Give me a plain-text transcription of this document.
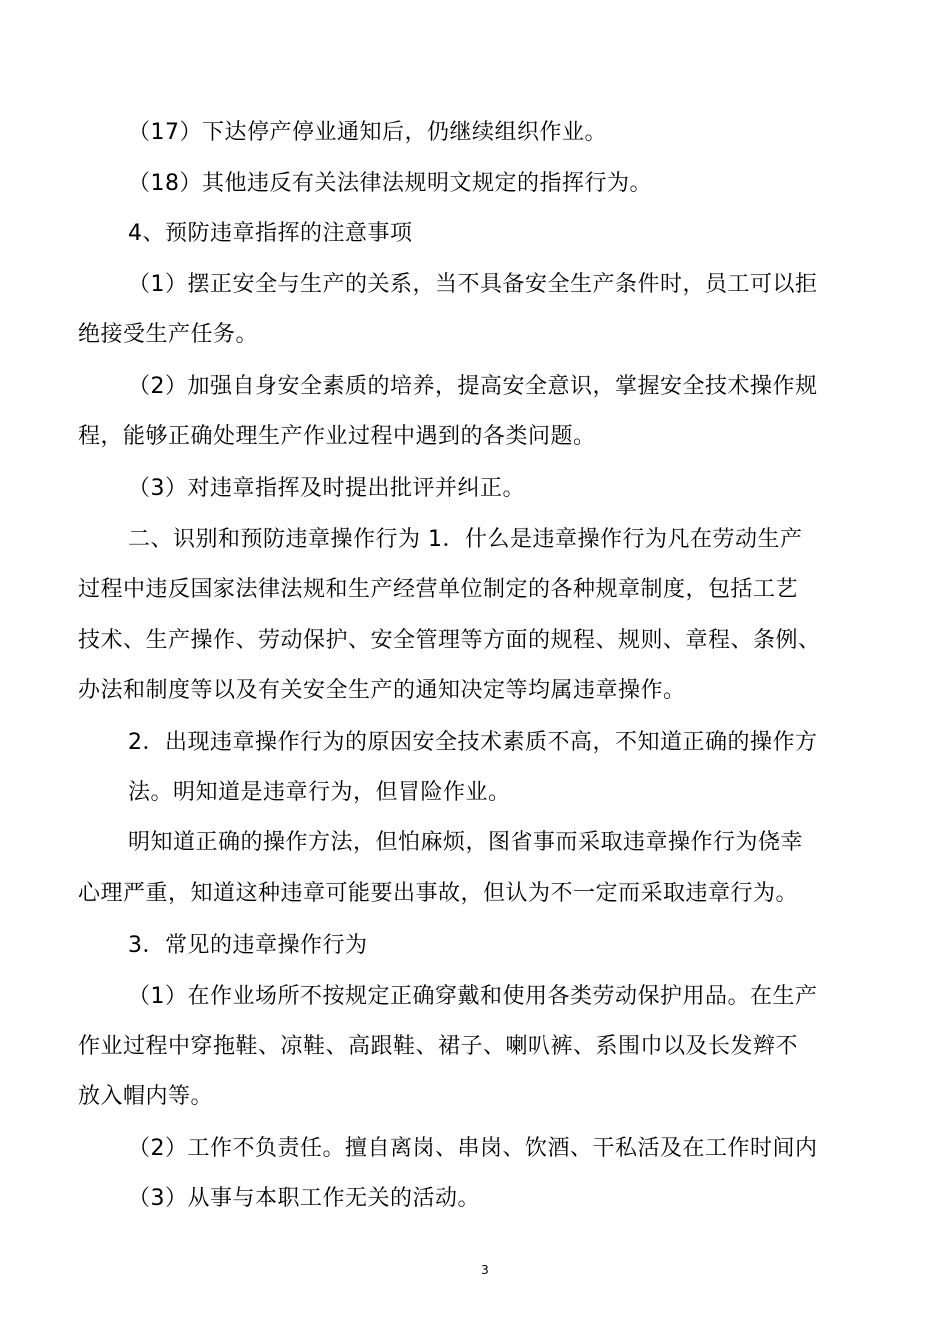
（17）下达停产停业通知后，仍继续组织作业。
（18）其他违反有关法律法规明文规定的指挥行为。
4、预防违章指挥的注意事项
（1）摆正安全与生产的关系，当不具备安全生产条件时，员工可以拒
绝接受生产任务。
（2）加强自身安全素质的培养，提高安全意识，掌握安全技术操作规
程，能够正确处理生产作业过程中遇到的各类问题。
（3）对违章指挥及时提出批评并纠正。
二、识别和预防违章操作行为 1．什么是违章操作行为凡在劳动生产
过程中违反国家法律法规和生产经营单位制定的各种规章制度，包括工艺
技术、生产操作、劳动保护、安全管理等方面的规程、规则、章程、条例、
办法和制度等以及有关安全生产的通知决定等均属违章操作。
2．出现违章操作行为的原因安全技术素质不高，不知道正确的操作方
法。明知道是违章行为，但冒险作业。
明知道正确的操作方法，但怕麻烦，图省事而采取违章操作行为侥幸
心理严重，知道这种违章可能要出事故，但认为不一定而采取违章行为。
3．常见的违章操作行为
（1）在作业场所不按规定正确穿戴和使用各类劳动保护用品。在生产
作业过程中穿拖鞋、凉鞋、高跟鞋、裙子、喇叭裤、系围巾以及长发辫不
放入帽内等。
（2）工作不负责任。擅自离岗、串岗、饮酒、干私活及在工作时间内
（3）从事与本职工作无关的活动。
3
